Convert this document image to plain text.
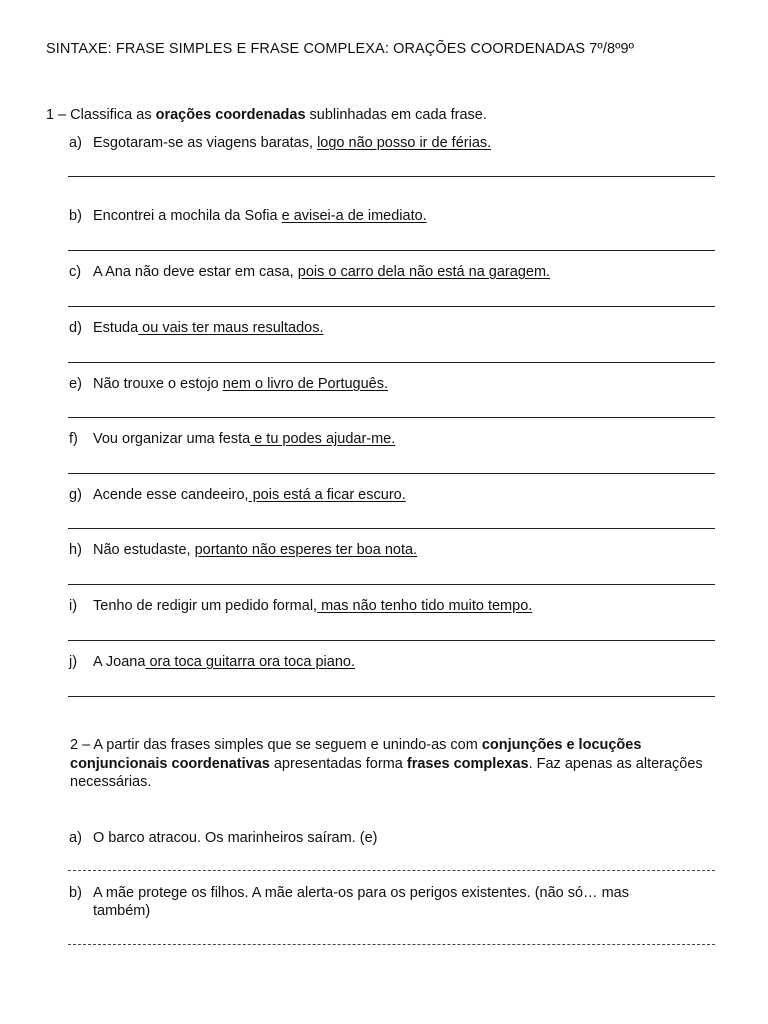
SINTAXE: FRASE SIMPLES E FRASE COMPLEXA: ORAÇÕES COORDENADAS 7º/8º9º
1 – Classifica as orações coordenadas sublinhadas em cada frase.
a) Esgotaram-se as viagens baratas, logo não posso ir de férias.
b) Encontrei a mochila da Sofia e avisei-a de imediato.
c) A Ana não deve estar em casa, pois o carro dela não está na garagem.
d) Estuda ou vais ter maus resultados.
e) Não trouxe o estojo nem o livro de Português.
f) Vou organizar uma festa e tu podes ajudar-me.
g) Acende esse candeeiro, pois está a ficar escuro.
h) Não estudaste, portanto não esperes ter boa nota.
i) Tenho de redigir um pedido formal, mas não tenho tido muito tempo.
j) A Joana ora toca guitarra ora toca piano.
2 – A partir das frases simples que se seguem e unindo-as com conjunções e locuções conjuncionais coordenativas apresentadas forma frases complexas. Faz apenas as alterações necessárias.
a) O barco atracou. Os marinheiros saíram. (e)
b) A mãe protege os filhos. A mãe alerta-os para os perigos existentes. (não só… mas
também)
